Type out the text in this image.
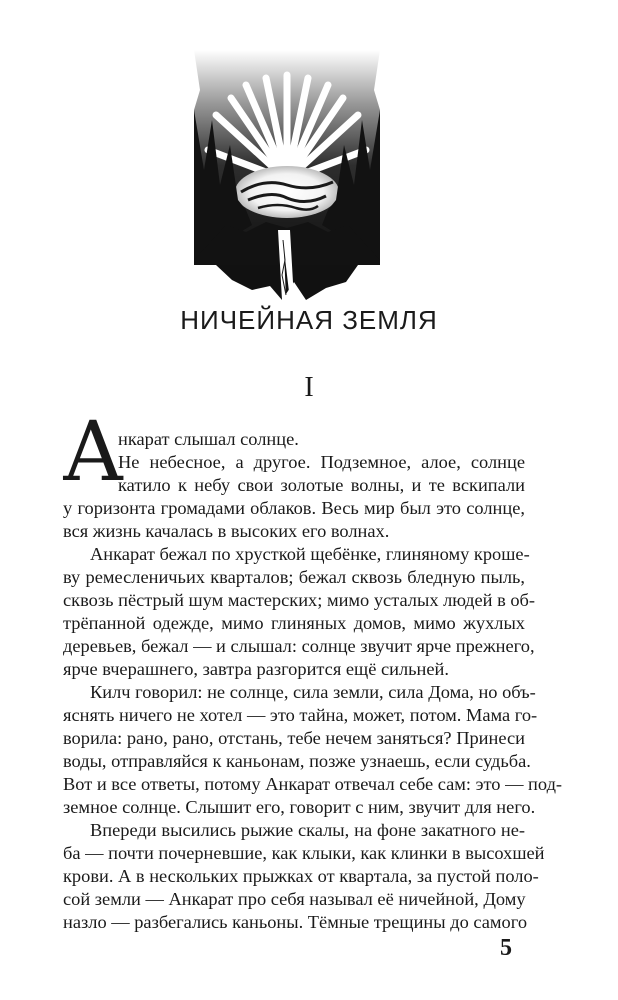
НИЧЕЙНАЯ ЗЕМЛЯ
I
А
нкарат слышал солнце.
Не небесное, а другое. Подземное, алое, солнце
катило к небу свои золотые волны, и те вскипали
у горизонта громадами облаков. Весь мир был это солнце,
вся жизнь качалась в высоких его волнах.
Анкарат бежал по хрусткой щебёнке, глиняному кроше-
ву ремесленичьих кварталов; бежал сквозь бледную пыль,
сквозь пёстрый шум мастерских; мимо усталых людей в об-
трёпанной одежде, мимо глиняных домов, мимо жухлых
деревьев, бежал — и слышал: солнце звучит ярче прежнего,
ярче вчерашнего, завтра разгорится ещё сильней.
Килч говорил: не солнце, сила земли, сила Дома, но объ-
яснять ничего не хотел — это тайна, может, потом. Мама го-
ворила: рано, рано, отстань, тебе нечем заняться? Принеси
воды, отправляйся к каньонам, позже узнаешь, если судьба.
Вот и все ответы, потому Анкарат отвечал себе сам: это — под-
земное солнце. Слышит его, говорит с ним, звучит для него.
Впереди высились рыжие скалы, на фоне закатного не-
ба — почти почерневшие, как клыки, как клинки в высохшей
крови. А в нескольких прыжках от квартала, за пустой поло-
сой земли — Анкарат про себя называл её ничейной, Дому
назло — разбегались каньоны. Тёмные трещины до самого
5
